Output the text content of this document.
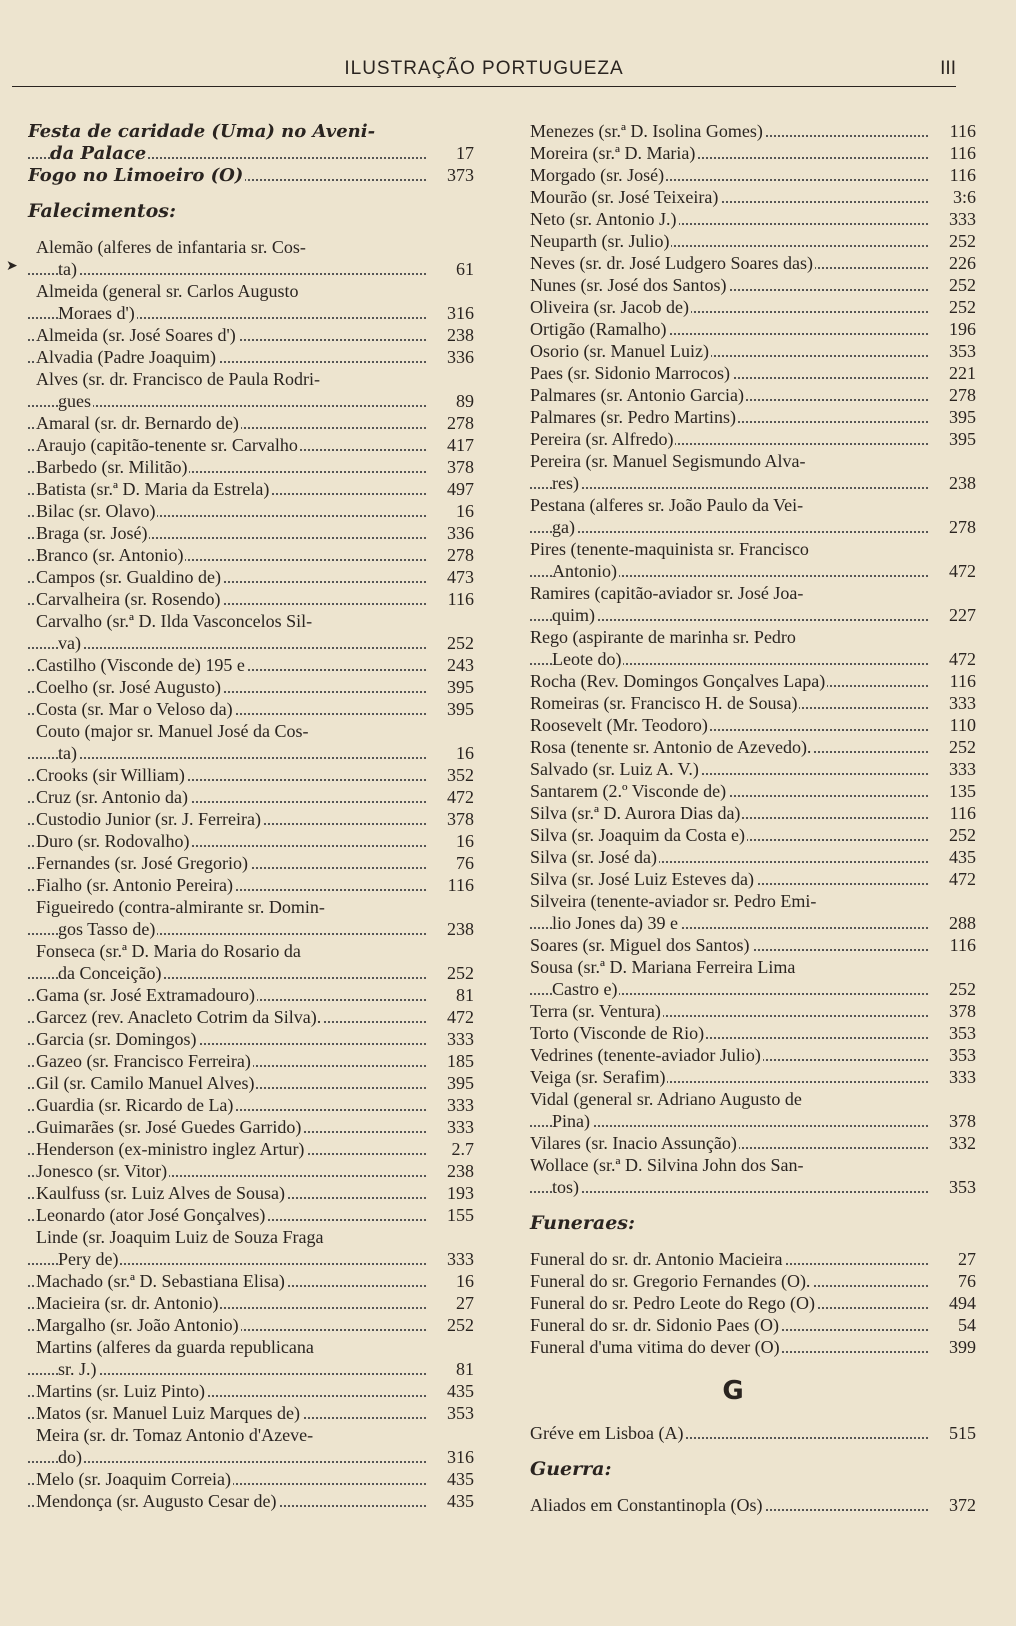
ILUSTRAÇÃO PORTUGUEZA	III
➤
Festa de caridade (Uma) no Aveni-
da Palace	17
Fogo no Limoeiro (O)	373
Falecimentos:
Alemão (alferes de infantaria sr. Cos-
ta)	61
Almeida (general sr. Carlos Augusto
Moraes d')	316
Almeida (sr. José Soares d')	238
Alvadia (Padre Joaquim)	336
Alves (sr. dr. Francisco de Paula Rodri-
gues	89
Amaral (sr. dr. Bernardo de)	278
Araujo (capitão-tenente sr. Carvalho	417
Barbedo (sr. Militão)	378
Batista (sr.ª D. Maria da Estrela)	497
Bilac (sr. Olavo)	16
Braga (sr. José)	336
Branco (sr. Antonio)	278
Campos (sr. Gualdino de)	473
Carvalheira (sr. Rosendo)	116
Carvalho (sr.ª D. Ilda Vasconcelos Sil-
va)	252
Castilho (Visconde de) 195 e	243
Coelho (sr. José Augusto)	395
Costa (sr. Mar o Veloso da)	395
Couto (major sr. Manuel José da Cos-
ta)	16
Crooks (sir William)	352
Cruz (sr. Antonio da)	472
Custodio Junior (sr. J. Ferreira)	378
Duro (sr. Rodovalho)	16
Fernandes (sr. José Gregorio)	76
Fialho (sr. Antonio Pereira)	116
Figueiredo (contra-almirante sr. Domin-
gos Tasso de)	238
Fonseca (sr.ª D. Maria do Rosario da
da Conceição)	252
Gama (sr. José Extramadouro)	81
Garcez (rev. Anacleto Cotrim da Silva).	472
Garcia (sr. Domingos)	333
Gazeo (sr. Francisco Ferreira)	185
Gil (sr. Camilo Manuel Alves)	395
Guardia (sr. Ricardo de La)	333
Guimarães (sr. José Guedes Garrido)	333
Henderson (ex-ministro inglez Artur)	2.7
Jonesco (sr. Vitor)	238
Kaulfuss (sr. Luiz Alves de Sousa)	193
Leonardo (ator José Gonçalves)	155
Linde (sr. Joaquim Luiz de Souza Fraga
Pery de)	333
Machado (sr.ª D. Sebastiana Elisa)	16
Macieira (sr. dr. Antonio)	27
Margalho (sr. João Antonio)	252
Martins (alferes da guarda republicana
sr. J.)	81
Martins (sr. Luiz Pinto)	435
Matos (sr. Manuel Luiz Marques de)	353
Meira (sr. dr. Tomaz Antonio d'Azeve-
do)	316
Melo (sr. Joaquim Correia)	435
Mendonça (sr. Augusto Cesar de)	435
Menezes (sr.ª D. Isolina Gomes)	116
Moreira (sr.ª D. Maria)	116
Morgado (sr. José)	116
Mourão (sr. José Teixeira)	3:6
Neto (sr. Antonio J.)	333
Neuparth (sr. Julio)	252
Neves (sr. dr. José Ludgero Soares das)	226
Nunes (sr. José dos Santos)	252
Oliveira (sr. Jacob de)	252
Ortigão (Ramalho)	196
Osorio (sr. Manuel Luiz)	353
Paes (sr. Sidonio Marrocos)	221
Palmares (sr. Antonio Garcia)	278
Palmares (sr. Pedro Martins)	395
Pereira (sr. Alfredo)	395
Pereira (sr. Manuel Segismundo Alva-
res)	238
Pestana (alferes sr. João Paulo da Vei-
ga)	278
Pires (tenente-maquinista sr. Francisco
Antonio)	472
Ramires (capitão-aviador sr. José Joa-
quim)	227
Rego (aspirante de marinha sr. Pedro
Leote do)	472
Rocha (Rev. Domingos Gonçalves Lapa)	116
Romeiras (sr. Francisco H. de Sousa)	333
Roosevelt (Mr. Teodoro)	110
Rosa (tenente sr. Antonio de Azevedo).	252
Salvado (sr. Luiz A. V.)	333
Santarem (2.º Visconde de)	135
Silva (sr.ª D. Aurora Dias da)	116
Silva (sr. Joaquim da Costa e)	252
Silva (sr. José da)	435
Silva (sr. José Luiz Esteves da)	472
Silveira (tenente-aviador sr. Pedro Emi-
lio Jones da) 39 e	288
Soares (sr. Miguel dos Santos)	116
Sousa (sr.ª D. Mariana Ferreira Lima
Castro e)	252
Terra (sr. Ventura)	378
Torto (Visconde de Rio)	353
Vedrines (tenente-aviador Julio)	353
Veiga (sr. Serafim)	333
Vidal (general sr. Adriano Augusto de
Pina)	378
Vilares (sr. Inacio Assunção)	332
Wollace (sr.ª D. Silvina John dos San-
tos)	353
Funeraes:
Funeral do sr. dr. Antonio Macieira	27
Funeral do sr. Gregorio Fernandes (O).	76
Funeral do sr. Pedro Leote do Rego (O)	494
Funeral do sr. dr. Sidonio Paes (O)	54
Funeral d'uma vitima do dever (O)	399
G
Gréve em Lisboa (A)	515
Guerra:
Aliados em Constantinopla (Os)	372
